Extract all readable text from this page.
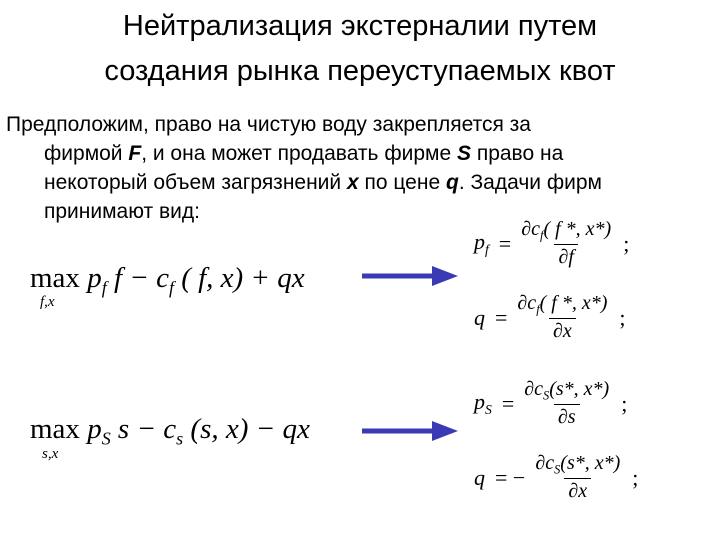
Нейтрализация экстерналии путем
создания рынка переуступаемых квот
Предположим, право на чистую воду закрепляется за
фирмой F, и она может продавать фирме S право на
некоторый объем загрязнений x по цене q. Задачи фирм
принимают вид:
$\max p_f$ $f - c_f$ ( f, x) + qx
f,x
$\max p_S$ $s - c_s$ (s, x) − qx
s,x
$p_f = \frac{\partial c_f( f *, x*)}{\partial f}$ ;
$q = \frac{\partial c_f( f *, x*)}{\partial x}$ ;
$p_S = \frac{\partial c_S(s*, x*)}{\partial s}$ ;
q = − $\frac{\partial c_S(s*, x*)}{\partial x}$ ;
